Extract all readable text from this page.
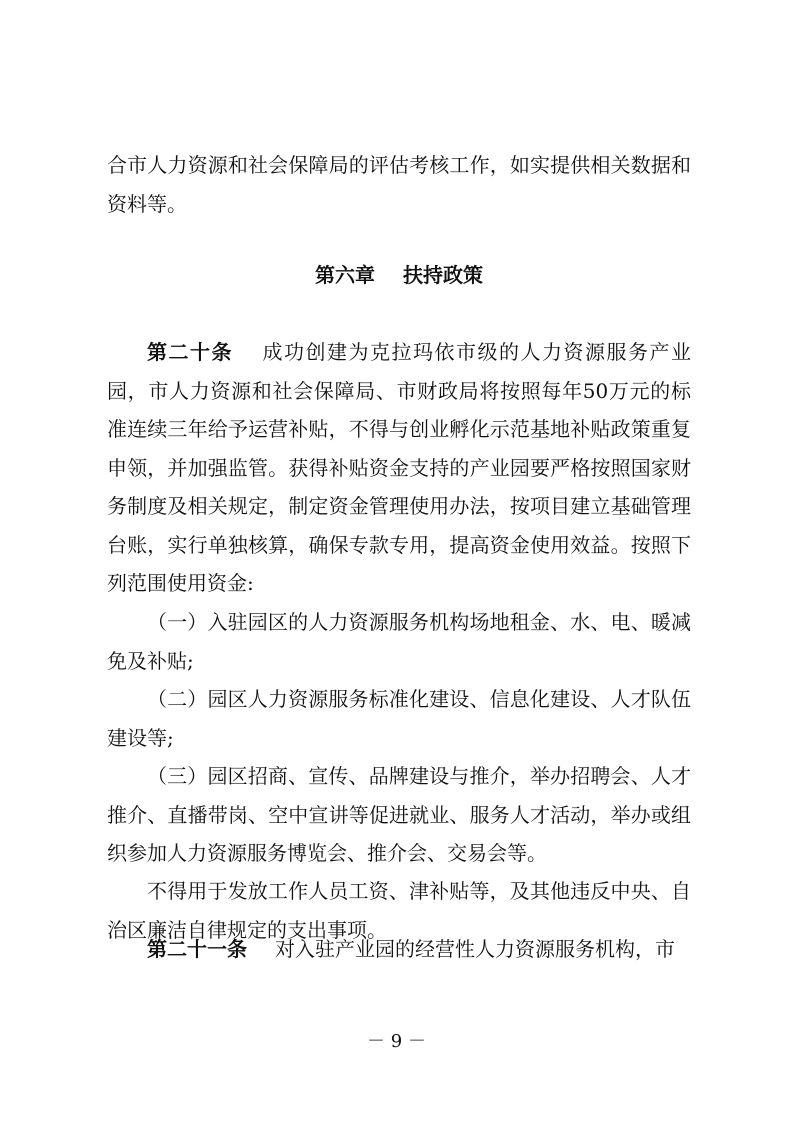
合市人力资源和社会保障局的评估考核工作，如实提供相关数据和资料等。

第六章 扶持政策

第二十条 成功创建为克拉玛依市级的人力资源服务产业园，市人力资源和社会保障局、市财政局将按照每年50万元的标准连续三年给予运营补贴，不得与创业孵化示范基地补贴政策重复申领，并加强监管。获得补贴资金支持的产业园要严格按照国家财务制度及相关规定，制定资金管理使用办法，按项目建立基础管理台账，实行单独核算，确保专款专用，提高资金使用效益。按照下列范围使用资金:

（一）入驻园区的人力资源服务机构场地租金、水、电、暖减免及补贴;

（二）园区人力资源服务标准化建设、信息化建设、人才队伍建设等;

（三）园区招商、宣传、品牌建设与推介，举办招聘会、人才推介、直播带岗、空中宣讲等促进就业、服务人才活动，举办或组织参加人力资源服务博览会、推介会、交易会等。

不得用于发放工作人员工资、津补贴等，及其他违反中央、自治区廉洁自律规定的支出事项。

第二十一条 对入驻产业园的经营性人力资源服务机构，市

－ 9 －
